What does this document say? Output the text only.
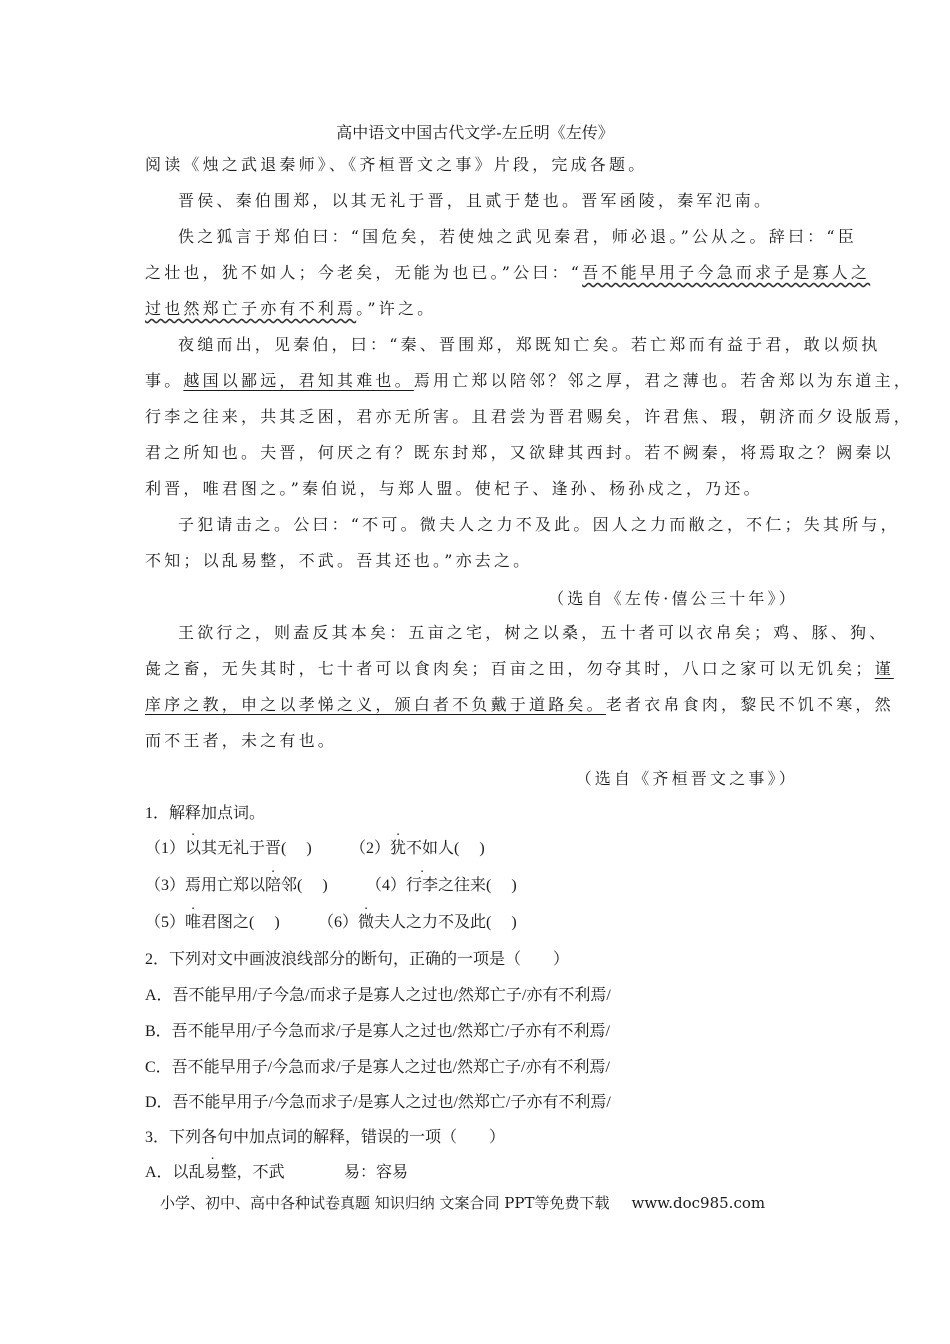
高中语文中国古代文学-左丘明《左传》
阅读《烛之武退秦师》、《齐桓晋文之事》片段，完成各题。
晋侯、秦伯围郑，以其无礼于晋，且贰于楚也。晋军函陵，秦军氾南。
佚之狐言于郑伯曰：“国危矣，若使烛之武见秦君，师必退。”公从之。辞曰：“臣
之壮也，犹不如人；今老矣，无能为也已。”公曰：“吾不能早用子今急而求子是寡人之
过也然郑亡子亦有不利焉。”许之。
夜缒而出，见秦伯，曰：“秦、晋围郑，郑既知亡矣。若亡郑而有益于君，敢以烦执
事。越国以鄙远，君知其难也。焉用亡郑以陪邻？邻之厚，君之薄也。若舍郑以为东道主，
行李之往来，共其乏困，君亦无所害。且君尝为晋君赐矣，许君焦、瑕，朝济而夕设版焉，
君之所知也。夫晋，何厌之有？既东封郑，又欲肆其西封。若不阙秦，将焉取之？阙秦以
利晋，唯君图之。”秦伯说，与郑人盟。使杞子、逢孙、杨孙戍之，乃还。
子犯请击之。公曰：“不可。微夫人之力不及此。因人之力而敝之，不仁；失其所与，
不知；以乱易整，不武。吾其还也。”亦去之。
（选自《左传·僖公三十年》）
王欲行之，则盍反其本矣：五亩之宅，树之以桑，五十者可以衣帛矣；鸡、豚、狗、
彘之畜，无失其时，七十者可以食肉矣；百亩之田，勿夺其时，八口之家可以无饥矣；谨
庠序之教，申之以孝悌之义，颁白者不负戴于道路矣。老者衣帛食肉，黎民不饥不寒，然
而不王者，未之有也。
（选自《齐桓晋文之事》）
1．解释加点词。
（1）以其无礼于晋(　 ) （2）犹不如人(　 )
（3）焉用亡郑以陪邻(　 ) （4）行李之往来(　 )
（5）唯君图之(　 ) （6）微夫人之力不及此(　 )
2．下列对文中画波浪线部分的断句，正确的一项是（　　）
A．吾不能早用/子今急/而求子是寡人之过也/然郑亡子/亦有不利焉/
B．吾不能早用/子今急而求/子是寡人之过也/然郑亡/子亦有不利焉/
C．吾不能早用子/今急而求/子是寡人之过也/然郑亡子/亦有不利焉/
D．吾不能早用子/今急而求子/是寡人之过也/然郑亡/子亦有不利焉/
3．下列各句中加点词的解释，错误的一项（　　）
A．以乱易整，不武	易：容易
小学、初中、高中各种试卷真题 知识归纳 文案合同 PPT等免费下载 www.doc985.com
